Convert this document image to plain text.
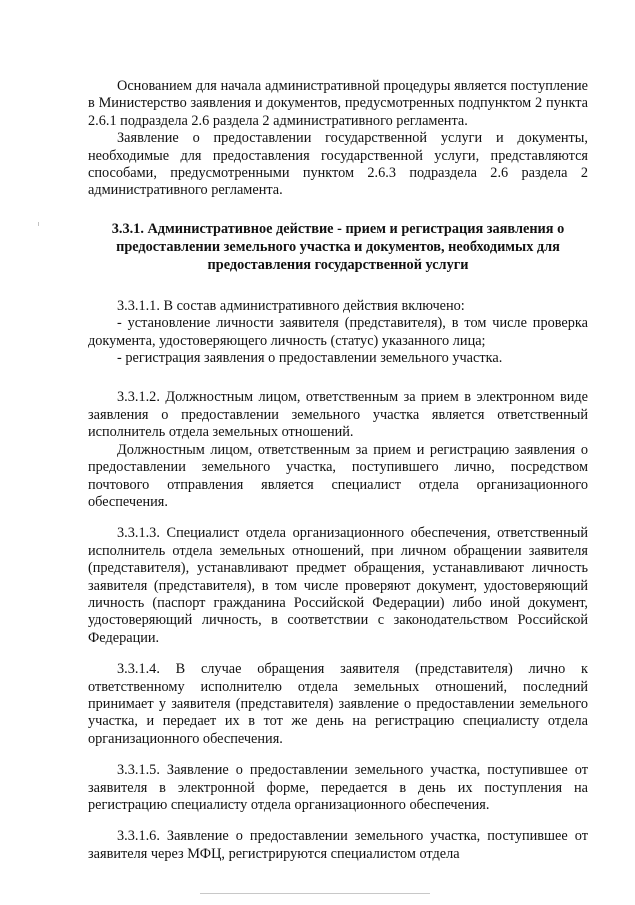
Основанием для начала административной процедуры является поступление в Министерство заявления и документов, предусмотренных подпунктом 2 пункта 2.6.1 подраздела 2.6 раздела 2 административного регламента.

Заявление о предоставлении государственной услуги и документы, необходимые для предоставления государственной услуги, представляются способами, предусмотренными пунктом 2.6.3 подраздела 2.6 раздела 2 административного регламента.

3.3.1. Административное действие - прием и регистрация заявления о предоставлении земельного участка и документов, необходимых для предоставления государственной услуги

3.3.1.1. В состав административного действия включено:

- установление личности заявителя (представителя), в том числе проверка документа, удостоверяющего личность (статус) указанного лица;

- регистрация заявления о предоставлении земельного участка.

3.3.1.2. Должностным лицом, ответственным за прием в электронном виде заявления о предоставлении земельного участка является ответственный исполнитель отдела земельных отношений.

Должностным лицом, ответственным за прием и регистрацию заявления о предоставлении земельного участка, поступившего лично, посредством почтового отправления является специалист отдела организационного обеспечения.

3.3.1.3. Специалист отдела организационного обеспечения, ответственный исполнитель отдела земельных отношений, при личном обращении заявителя (представителя), устанавливают предмет обращения, устанавливают личность заявителя (представителя), в том числе проверяют документ, удостоверяющий личность (паспорт гражданина Российской Федерации) либо иной документ, удостоверяющий личность, в соответствии с законодательством Российской Федерации.

3.3.1.4. В случае обращения заявителя (представителя) лично к ответственному исполнителю отдела земельных отношений, последний принимает у заявителя (представителя) заявление о предоставлении земельного участка, и передает их в тот же день на регистрацию специалисту отдела организационного обеспечения.

3.3.1.5. Заявление о предоставлении земельного участка, поступившее от заявителя в электронной форме, передается в день их поступления на регистрацию специалисту отдела организационного обеспечения.

3.3.1.6. Заявление о предоставлении земельного участка, поступившее от заявителя через МФЦ, регистрируются специалистом отдела
